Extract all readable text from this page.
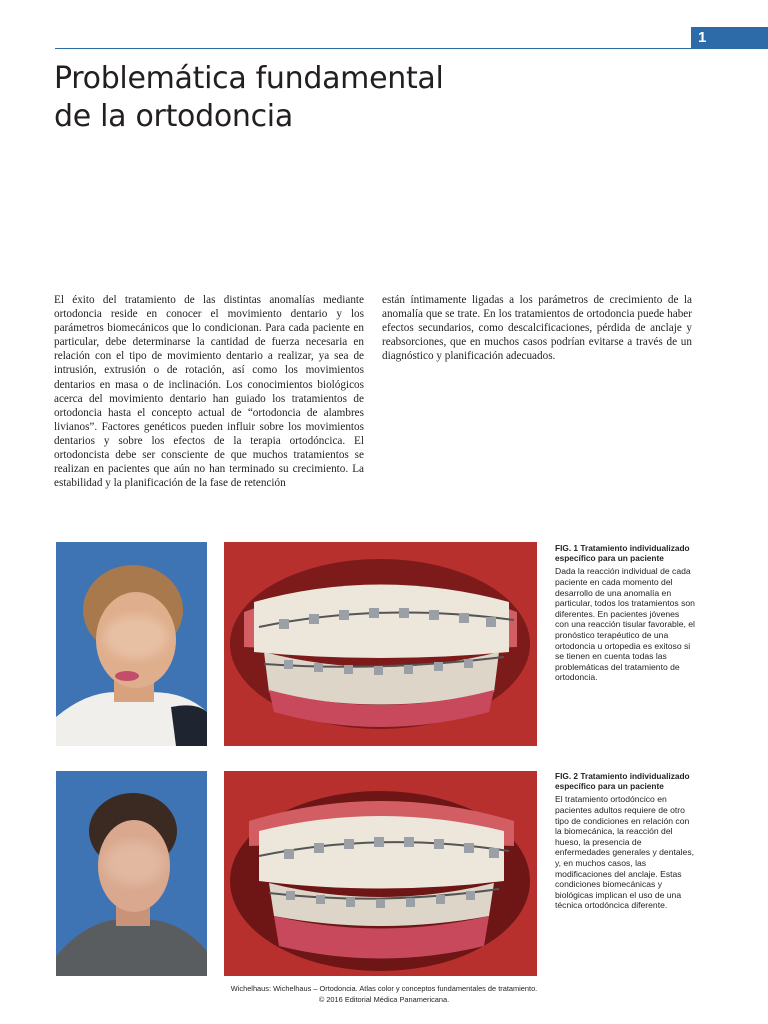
1
Problemática fundamental
de la ortodoncia

El éxito del tratamiento de las distintas anomalías mediante ortodoncia reside en conocer el movimiento dentario y los parámetros biomecánicos que lo condicionan. Para cada paciente en particular, debe determinarse la cantidad de fuerza necesaria en relación con el tipo de movimiento dentario a realizar, ya sea de intrusión, extrusión o de rotación, así como los movimientos dentarios en masa o de inclinación. Los conocimientos biológicos acerca del movimiento dentario han guiado los tratamientos de ortodoncia hasta el concepto actual de “ortodoncia de alambres livianos”. Factores genéticos pueden influir sobre los movimientos dentarios y sobre los efectos de la terapia ortodóncica. El ortodoncista debe ser consciente de que muchos tratamientos se realizan en pacientes que aún no han terminado su crecimiento. La estabilidad y la planificación de la fase de retención

están íntimamente ligadas a los parámetros de crecimiento de la anomalía que se trate. En los tratamientos de ortodoncia puede haber efectos secundarios, como descalcificaciones, pérdida de anclaje y reabsorciones, que en muchos casos podrían evitarse a través de un diagnóstico y planificación adecuados.

FIG. 1 Tratamiento individualizado específico para un paciente

Dada la reacción individual de cada paciente en cada momento del desarrollo de una anomalía en particular, todos los tratamientos son diferentes. En pacientes jóvenes con una reacción tisular favorable, el pronóstico terapéutico de una ortodoncia u ortopedia es exitoso si se tienen en cuenta todas las problemáticas del tratamiento de ortodoncia.

FIG. 2 Tratamiento individualizado específico para un paciente

El tratamiento ortodóncico en pacientes adultos requiere de otro tipo de condiciones en relación con la biomecánica, la reacción del hueso, la presencia de enfermedades generales y dentales, y, en muchos casos, las modificaciones del anclaje. Estas condiciones biomecánicas y biológicas implican el uso de una técnica ortodóncica diferente.

Wichelhaus: Wichelhaus – Ortodoncia. Atlas color y conceptos fundamentales de tratamiento.
© 2016 Editorial Médica Panamericana.
